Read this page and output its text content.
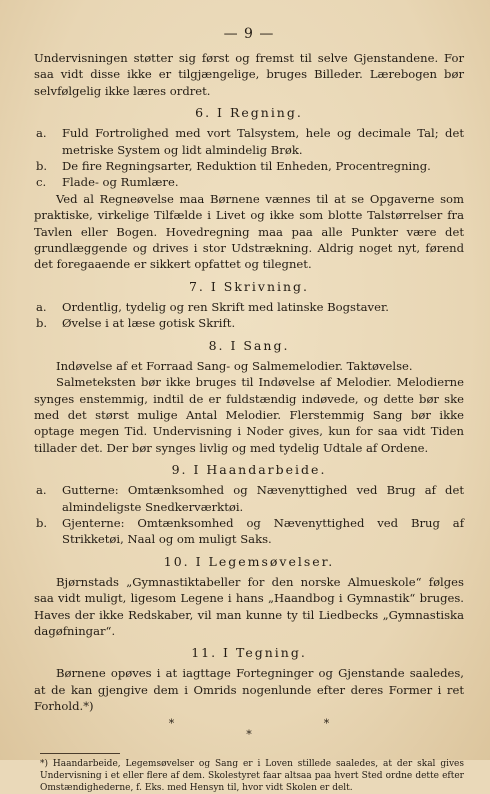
— 9 —

Undervisningen støtter sig først og fremst til selve Gjenstandene. For saa vidt disse ikke er tilgjængelige, bruges Billeder. Lærebogen bør selvfølgelig ikke læres ordret.

6. I Regning.
a.	Fuld Fortrolighed med vort Talsystem, hele og decimale Tal; det metriske System og lidt almindelig Brøk.
b.	De fire Regningsarter, Reduktion til Enheden, Procentregning.
c.	Flade- og Rumlære.

Ved al Regneøvelse maa Børnene vænnes til at se Opgaverne som praktiske, virkelige Tilfælde i Livet og ikke som blotte Talstørrelser fra Tavlen eller Bogen. Hovedregning maa paa alle Punkter være det grundlæggende og drives i stor Udstrækning. Aldrig noget nyt, førend det foregaaende er sikkert opfattet og tilegnet.

7. I Skrivning.
a.	Ordentlig, tydelig og ren Skrift med latinske Bogstaver.
b.	Øvelse i at læse gotisk Skrift.
8. I Sang.

Indøvelse af et Forraad Sang- og Salmemelodier. Taktøvelse.

Salmeteksten bør ikke bruges til Indøvelse af Melodier. Melodierne synges enstemmig, indtil de er fuldstændig indøvede, og dette bør ske med det størst mulige Antal Melodier. Flerstemmig Sang bør ikke optage megen Tid. Undervisning i Noder gives, kun for saa vidt Tiden tillader det. Der bør synges livlig og med tydelig Udtale af Ordene.

9. I Haandarbeide.
a.	Gutterne: Omtænksomhed og Nævenyttighed ved Brug af det almindeligste Snedkerværktøi.
b.	Gjenterne: Omtænksomhed og Nævenyttighed ved Brug af Strikketøi, Naal og om muligt Saks.
10. I Legemsøvelser.

Bjørnstads „Gymnastiktabeller for den norske Almueskole“ følges saa vidt muligt, ligesom Legene i hans „Haandbog i Gymnastik“ bruges. Haves der ikke Redskaber, vil man kunne ty til Liedbecks „Gymnastiska dagøfningar“.

11. I Tegning.

Børnene opøves i at iagttage Fortegninger og Gjenstande saaledes, at de kan gjengive dem i Omrids nogenlunde efter deres Former i ret Forhold.*)

*	*
*
*) Haandarbeide, Legemsøvelser og Sang er i Loven stillede saaledes, at der skal gives Undervisning i et eller flere af dem. Skolestyret faar altsaa paa hvert Sted ordne dette efter Omstændighederne, f. Eks. med Hensyn til, hvor vidt Skolen er delt.
